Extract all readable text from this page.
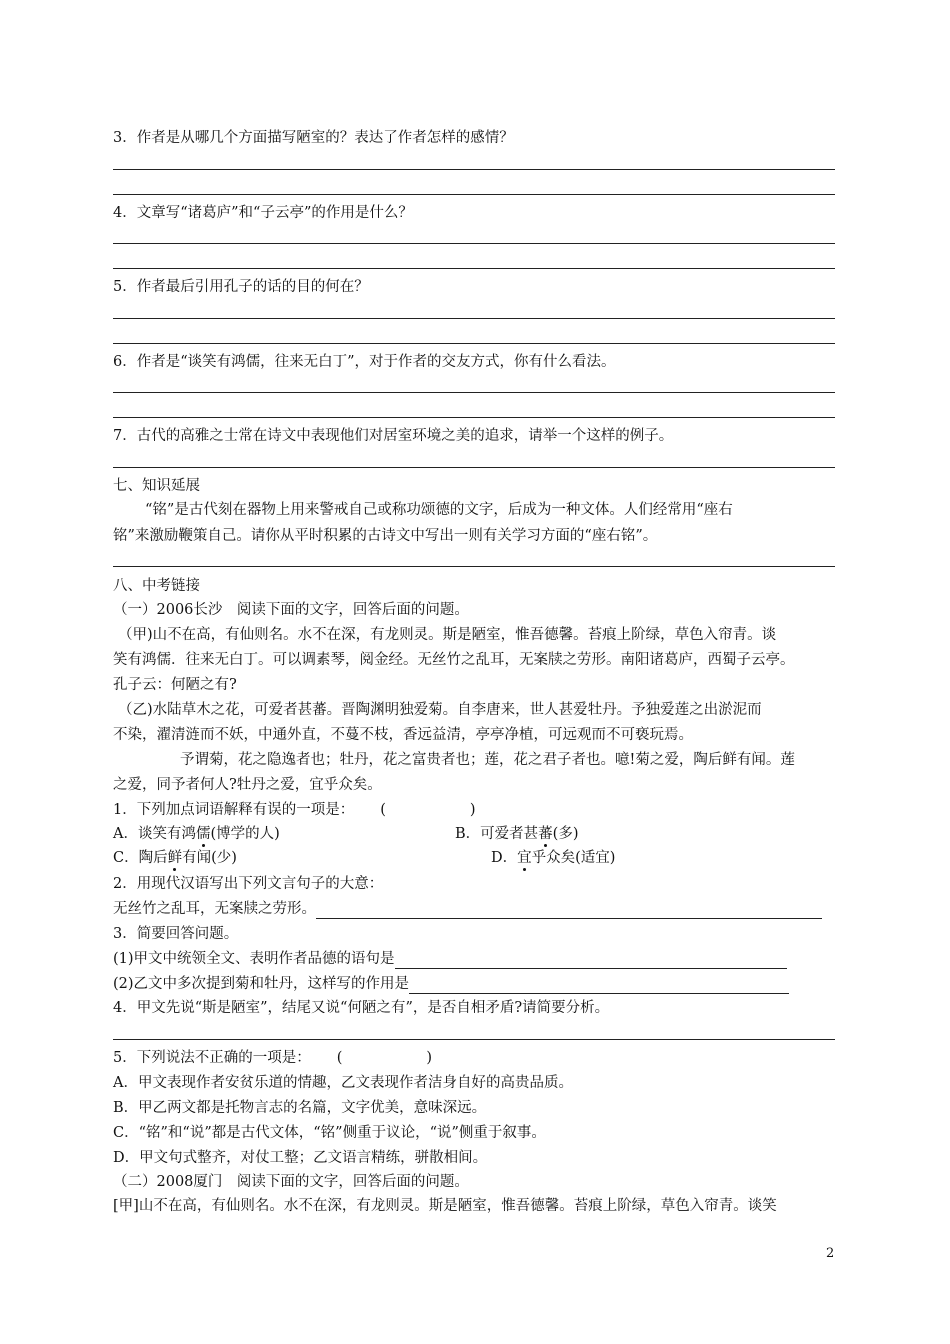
3．作者是从哪几个方面描写陋室的？表达了作者怎样的感情？
4．文章写“诸葛庐”和“子云亭”的作用是什么？
5．作者最后引用孔子的话的目的何在？
6．作者是“谈笑有鸿儒，往来无白丁”，对于作者的交友方式，你有什么看法。
7．古代的高雅之士常在诗文中表现他们对居室环境之美的追求，请举一个这样的例子。
七、知识延展
“铭”是古代刻在器物上用来警戒自己或称功颂德的文字，后成为一种文体。人们经常用“座右
铭”来激励鞭策自己。请你从平时积累的古诗文中写出一则有关学习方面的“座右铭”。
八、中考链接
（一）2006长沙　阅读下面的文字，回答后面的问题。
（甲)山不在高，有仙则名。水不在深，有龙则灵。斯是陋室，惟吾德馨。苔痕上阶绿，草色入帘青。谈
笑有鸿儒．往来无白丁。可以调素琴，阅金经。无丝竹之乱耳，无案牍之劳形。南阳诸葛庐，西蜀子云亭。
孔子云：何陋之有?
（乙)水陆草木之花，可爱者甚蕃。晋陶渊明独爱菊。自李唐来，世人甚爱牡丹。予独爱莲之出淤泥而
不染，濯清涟而不妖，中通外直，不蔓不枝，香远益清，亭亭净植，可远观而不可亵玩焉。
予谓菊，花之隐逸者也；牡丹，花之富贵者也；莲，花之君子者也。噫!菊之爱，陶后鲜有闻。莲
之爱，同予者何人?牡丹之爱，宜乎众矣。
1．下列加点词语解释有误的一项是： (	)
A．谈笑有鸿儒(博学的人)	B．可爱者甚蕃(多)
C．陶后鲜有闻(少)	D．宜乎众矣(适宜)
2．用现代汉语写出下列文言句子的大意：
无丝竹之乱耳，无案牍之劳形。
3．简要回答问题。
(1)甲文中统领全文、表明作者品德的语句是
(2)乙文中多次提到菊和牡丹，这样写的作用是
4．甲文先说“斯是陋室”，结尾又说“何陋之有”，是否自相矛盾?请简要分析。
5．下列说法不正确的一项是： (	)
A．甲文表现作者安贫乐道的情趣，乙文表现作者洁身自好的高贵品质。
B．甲乙两文都是托物言志的名篇，文字优美，意味深远。
C．“铭”和“说”都是古代文体，“铭”侧重于议论，“说”侧重于叙事。
D．甲文句式整齐，对仗工整；乙文语言精练，骈散相间。
（二）2008厦门　阅读下面的文字，回答后面的问题。
[甲]山不在高，有仙则名。水不在深，有龙则灵。斯是陋室，惟吾德馨。苔痕上阶绿，草色入帘青。谈笑
2
